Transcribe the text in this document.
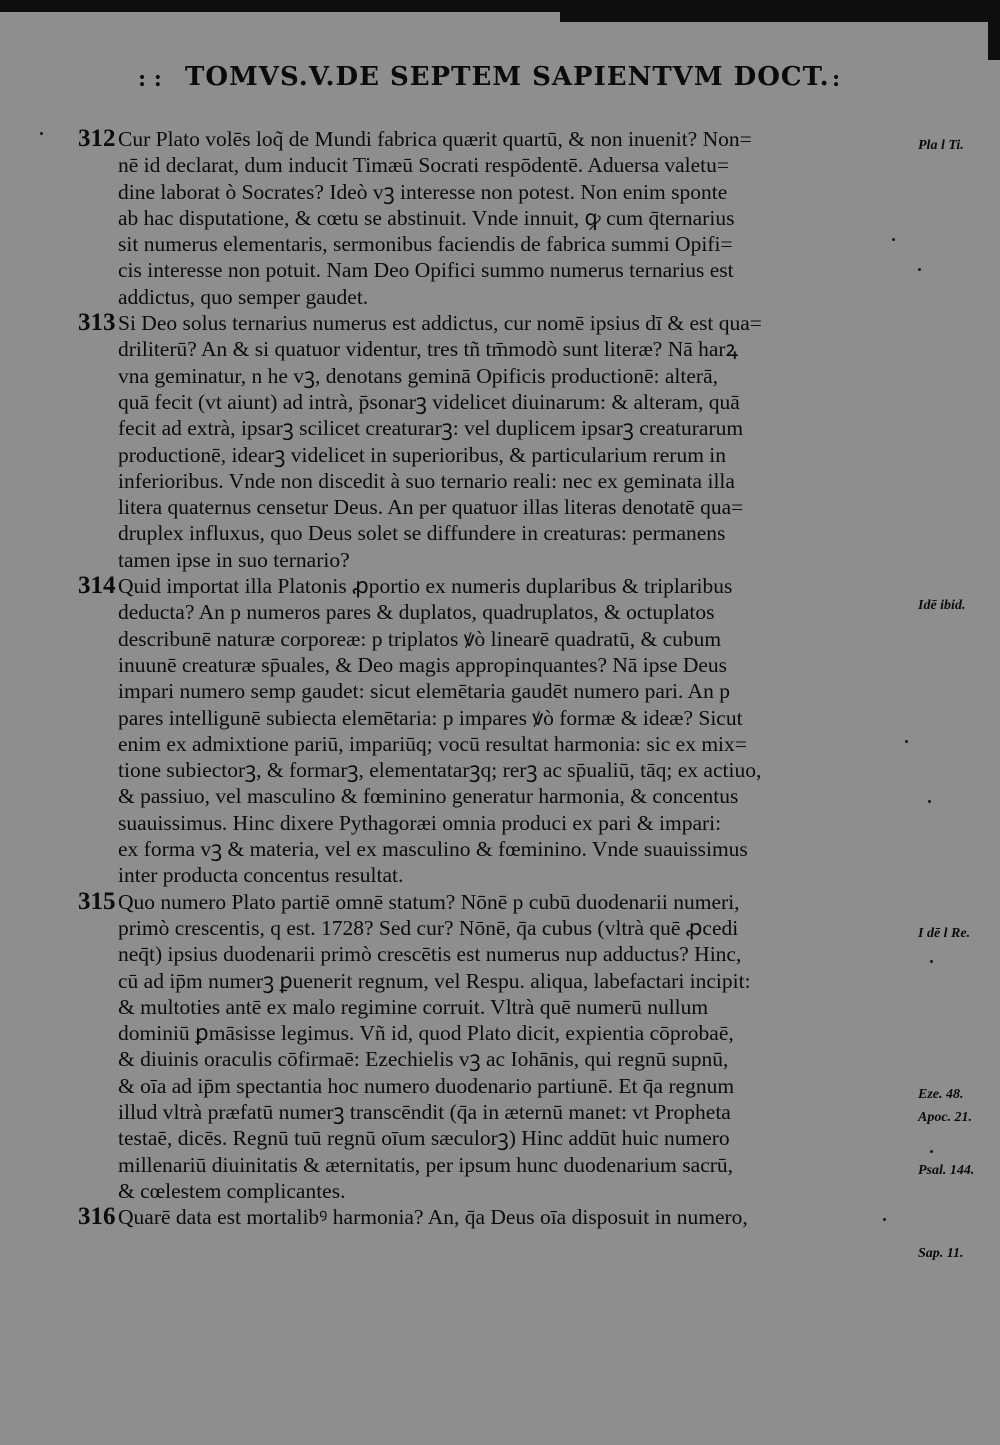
: : TOMVS.V.DE SEPTEM SAPIENTVM DOCT. :
312 Cur Plato volēs loq̃ de Mundi fabrica quærit quartū, & non inuenit? Non=
nē id declarat, dum inducit Timæū Socrati respōdentē. Aduersa valetu=
dine laborat ò Socrates? Ideò vꝫ interesse non potest. Non enim sponte
ab hac disputatione, & cœtu se abstinuit. Vnde innuit, ꝙ cum q̄ternarius
sit numerus elementaris, sermonibus faciendis de fabrica summi Opifi=
cis interesse non potuit. Nam Deo Opifici summo numerus ternarius est
addictus, quo semper gaudet.
313 Si Deo solus ternarius numerus est addictus, cur nomē ipsius dī & est qua=
driliterū? An & si quatuor videntur, tres tñ tm̄modò sunt literæ? Nā harꝝ
vna geminatur, n he vꝫ, denotans geminā Opificis productionē: alterā,
quā fecit (vt aiunt) ad intrà, p̄sonarꝫ videlicet diuinarum: & alteram, quā
fecit ad extrà, ipsarꝫ scilicet creaturarꝫ: vel duplicem ipsarꝫ creaturarum
productionē, idearꝫ videlicet in superioribus, & particularium rerum in
inferioribus. Vnde non discedit à suo ternario reali: nec ex geminata illa
litera quaternus censetur Deus. An per quatuor illas literas denotatē qua=
druplex influxus, quo Deus solet se diffundere in creaturas: permanens
tamen ipse in suo ternario?
314 Quid importat illa Platonis ꝓportio ex numeris duplaribus & triplaribus
deducta? An p numeros pares & duplatos, quadruplatos, & octuplatos
describunē naturæ corporeæ: p triplatos ꝟò linearē quadratū, & cubum
inuunē creaturæ sp̄uales, & Deo magis appropinquantes? Nā ipse Deus
impari numero semp gaudet: sicut elemētaria gaudēt numero pari. An p
pares intelligunē subiecta elemētaria: p impares ꝟò formæ & ideæ? Sicut
enim ex admixtione pariū, impariūq; vocū resultat harmonia: sic ex mix=
tione subiectorꝫ, & formarꝫ, elementatarꝫq; rerꝫ ac sp̄ualiū, tāq; ex actiuo,
& passiuo, vel masculino & fœminino generatur harmonia, & concentus
suauissimus. Hinc dixere Pythagoræi omnia produci ex pari & impari:
ex forma vꝫ & materia, vel ex masculino & fœminino. Vnde suauissimus
inter producta concentus resultat.
315 Quo numero Plato partiē omnē statum? Nōnē p cubū duodenarii numeri,
primò crescentis, q est. 1728? Sed cur? Nōnē, q̄a cubus (vltrà quē ꝓcedi
neq̄t) ipsius duodenarii primò crescētis est numerus nup adductus? Hinc,
cū ad ip̄m numerꝫ ꝑuenerit regnum, vel Respu. aliqua, labefactari incipit:
& multoties antē ex malo regimine corruit. Vltrà quē numerū nullum
dominiū ꝑmāsisse legimus. Vñ id, quod Plato dicit, expientia cōprobaē,
& diuinis oraculis cōfirmaē: Ezechielis vꝫ ac Iohānis, qui regnū supnū,
& oīa ad ip̄m spectantia hoc numero duodenario partiunē. Et q̄a regnum
illud vltrà præfatū numerꝫ transcēndit (q̄a in æternū manet: vt Propheta
testaē, dicēs. Regnū tuū regnū oīum sæculorꝫ) Hinc addūt huic numero
millenariū diuinitatis & æternitatis, per ipsum hunc duodenarium sacrū,
& cœlestem complicantes.
316 Quarē data est mortalibꝰ harmonia? An, q̄a Deus oīa disposuit in numero,
Pla l Ti.
Idē ibid.
I dē l Re.
Eze. 48.
Apoc. 21.
Psal. 144.
Sap. 11.
